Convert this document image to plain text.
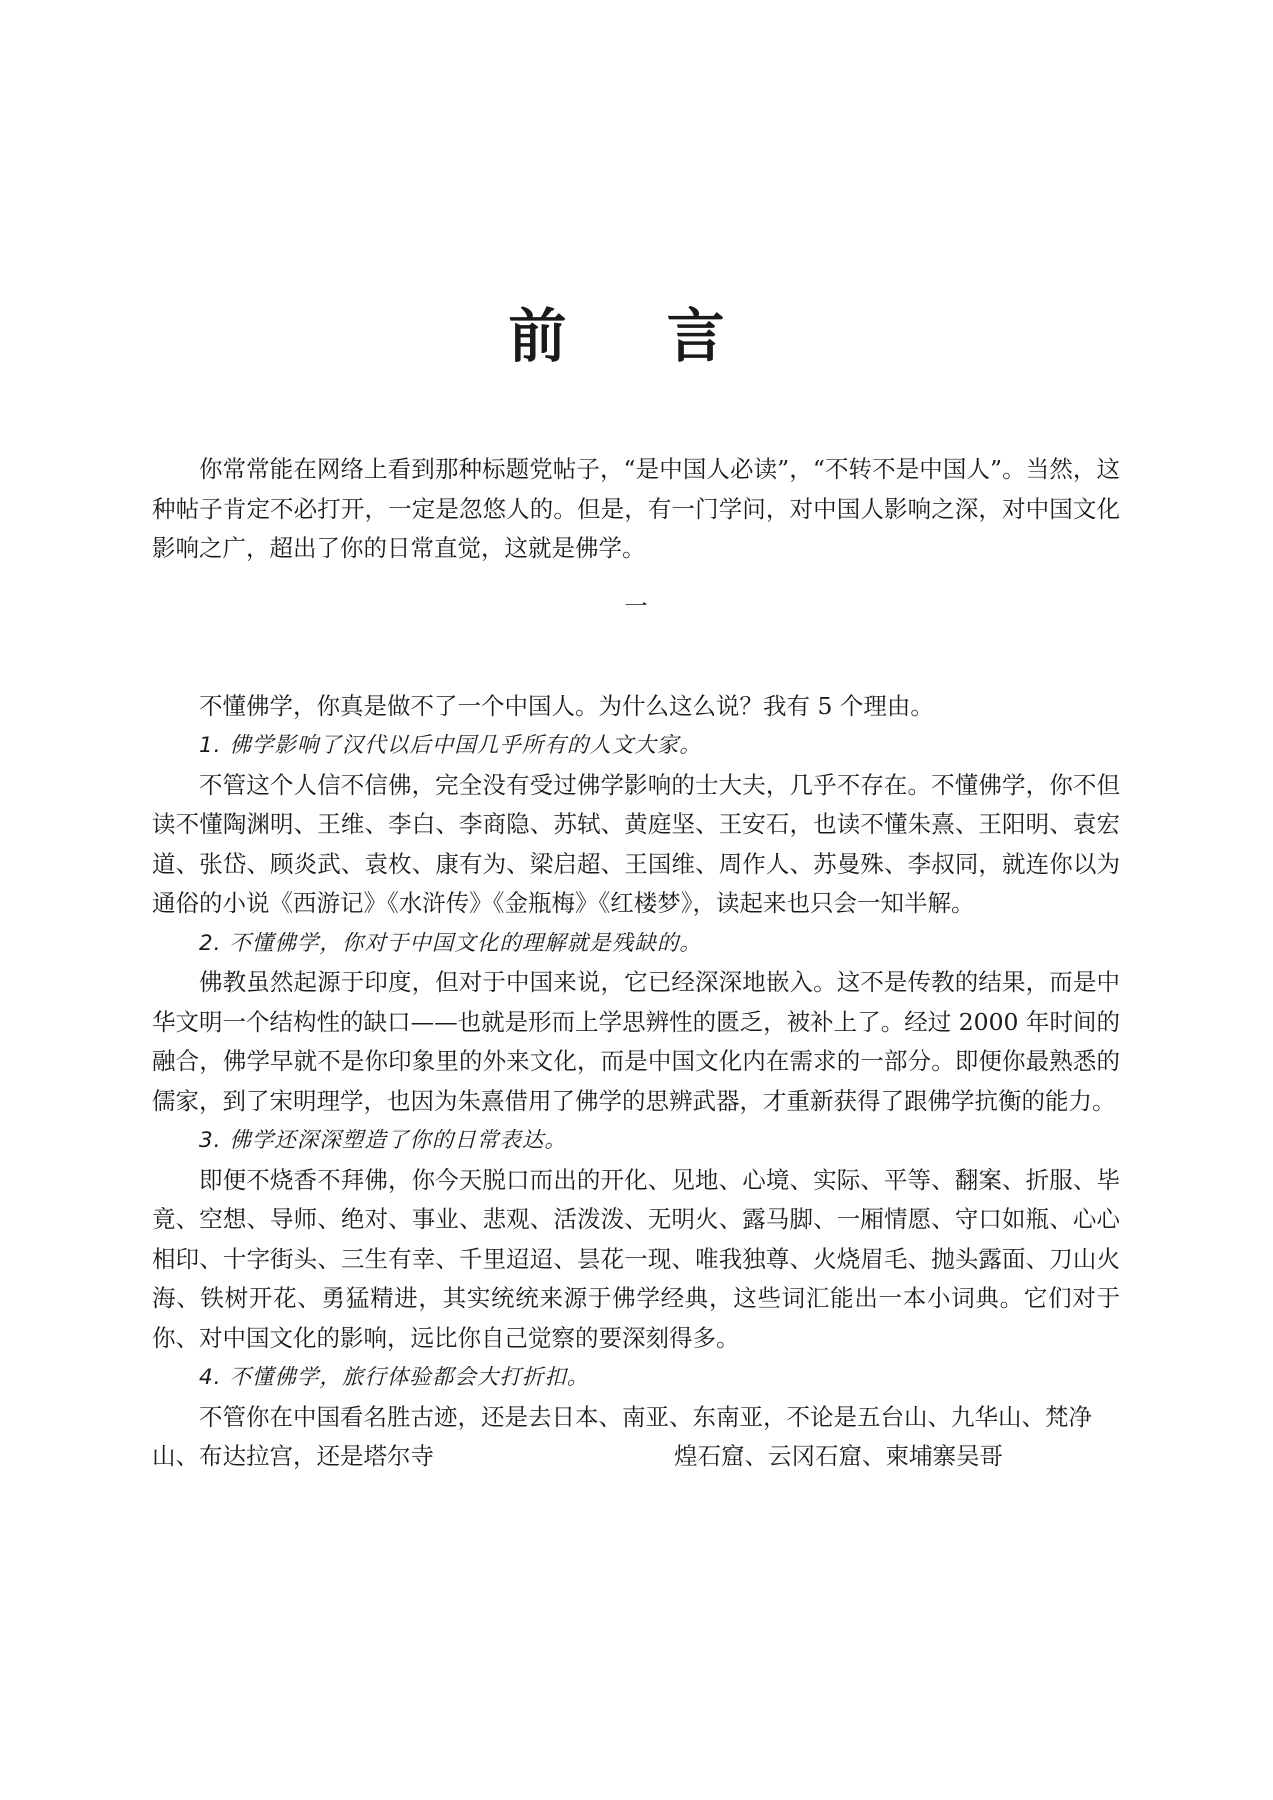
前 言

你常常能在网络上看到那种标题党帖子，“是中国人必读”，“不转不是中国人”。当然，这种帖子肯定不必打开，一定是忽悠人的。但是，有一门学问，对中国人影响之深，对中国文化影响之广，超出了你的日常直觉，这就是佛学。

一

不懂佛学，你真是做不了一个中国人。为什么这么说？我有 5 个理由。

1. 佛学影响了汉代以后中国几乎所有的人文大家。

不管这个人信不信佛，完全没有受过佛学影响的士大夫，几乎不存在。不懂佛学，你不但读不懂陶渊明、王维、李白、李商隐、苏轼、黄庭坚、王安石，也读不懂朱熹、王阳明、袁宏道、张岱、顾炎武、袁枚、康有为、梁启超、王国维、周作人、苏曼殊、李叔同，就连你以为通俗的小说《西游记》《水浒传》《金瓶梅》《红楼梦》，读起来也只会一知半解。

2. 不懂佛学，你对于中国文化的理解就是残缺的。

佛教虽然起源于印度，但对于中国来说，它已经深深地嵌入。这不是传教的结果，而是中华文明一个结构性的缺口——也就是形而上学思辨性的匮乏，被补上了。经过 2000 年时间的融合，佛学早就不是你印象里的外来文化，而是中国文化内在需求的一部分。即便你最熟悉的儒家，到了宋明理学，也因为朱熹借用了佛学的思辨武器，才重新获得了跟佛学抗衡的能力。

3. 佛学还深深塑造了你的日常表达。

即便不烧香不拜佛，你今天脱口而出的开化、见地、心境、实际、平等、翻案、折服、毕竟、空想、导师、绝对、事业、悲观、活泼泼、无明火、露马脚、一厢情愿、守口如瓶、心心相印、十字街头、三生有幸、千里迢迢、昙花一现、唯我独尊、火烧眉毛、抛头露面、刀山火海、铁树开花、勇猛精进，其实统统来源于佛学经典，这些词汇能出一本小词典。它们对于你、对中国文化的影响，远比你自己觉察的要深刻得多。

4. 不懂佛学，旅行体验都会大打折扣。

不管你在中国看名胜古迹，还是去日本、南亚、东南亚，不论是五台山、九华山、梵净山、布达拉宫，还是塔尔寺	煌石窟、云冈石窟、柬埔寨吴哥
